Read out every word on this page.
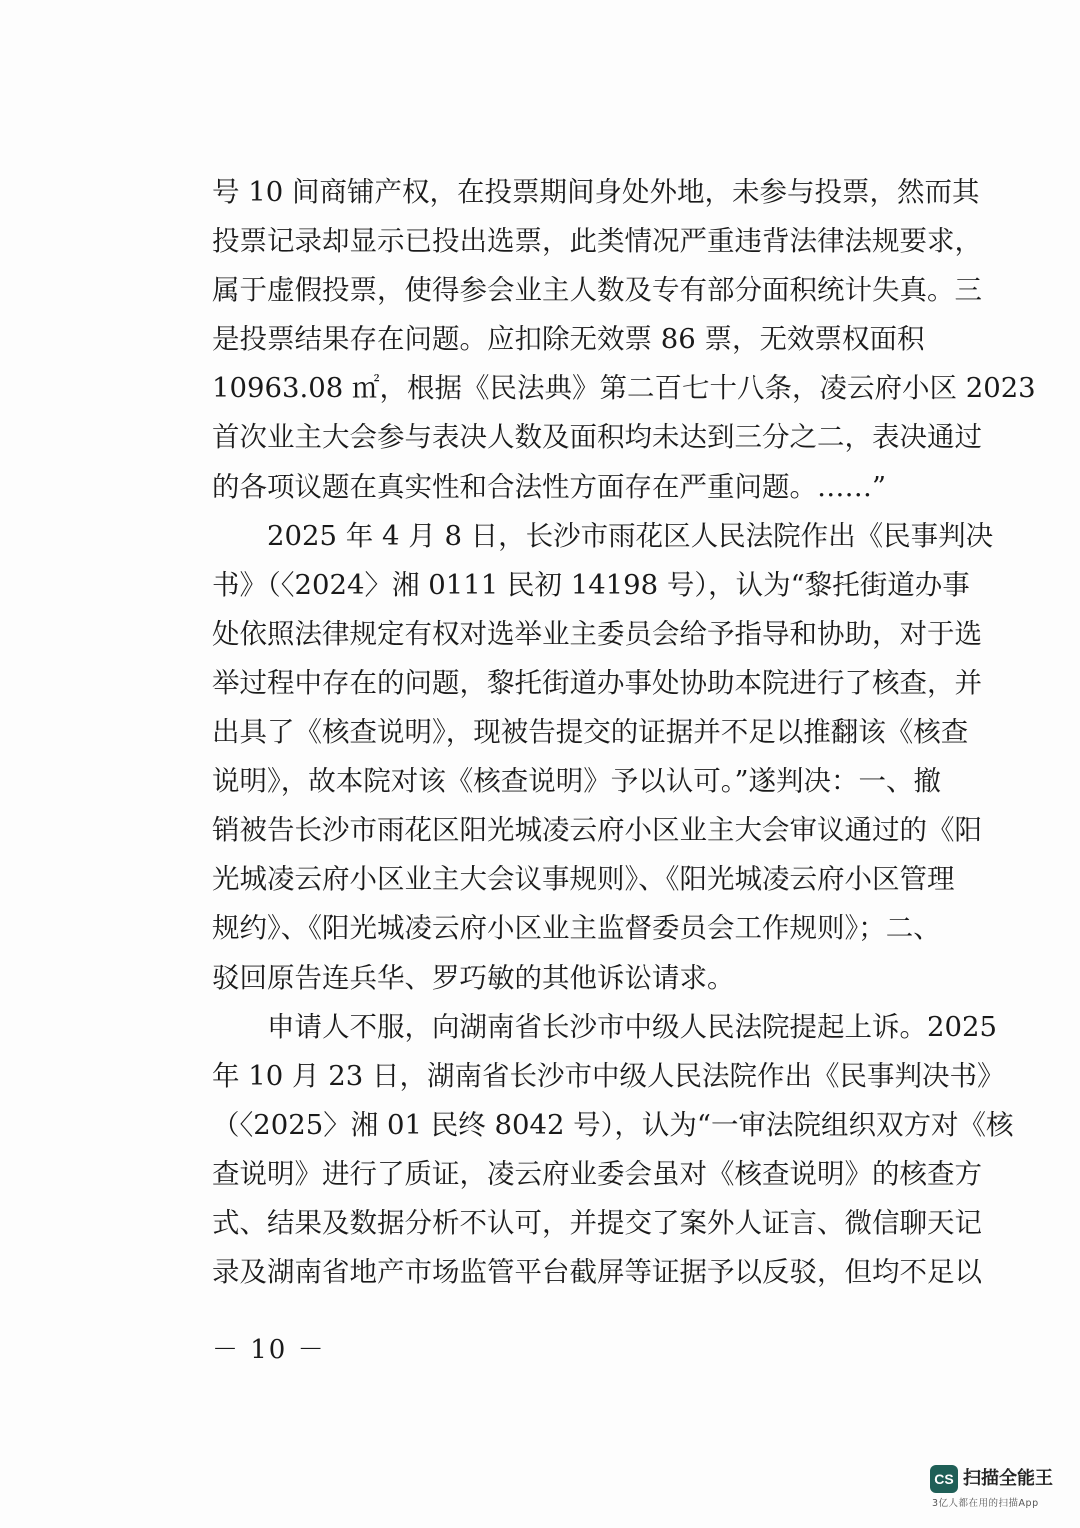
号 10 间商铺产权，在投票期间身处外地，未参与投票，然而其
投票记录却显示已投出选票，此类情况严重违背法律法规要求，
属于虚假投票，使得参会业主人数及专有部分面积统计失真。三
是投票结果存在问题。应扣除无效票 86 票，无效票权面积
10963.08 ㎡，根据《民法典》第二百七十八条，凌云府小区 2023
首次业主大会参与表决人数及面积均未达到三分之二，表决通过
的各项议题在真实性和合法性方面存在严重问题。……”
　　2025 年 4 月 8 日，长沙市雨花区人民法院作出《民事判决
书》（〈2024〉湘 0111 民初 14198 号），认为“黎托街道办事
处依照法律规定有权对选举业主委员会给予指导和协助，对于选
举过程中存在的问题，黎托街道办事处协助本院进行了核查，并
出具了《核查说明》，现被告提交的证据并不足以推翻该《核查
说明》，故本院对该《核查说明》予以认可。”遂判决：一、撤
销被告长沙市雨花区阳光城凌云府小区业主大会审议通过的《阳
光城凌云府小区业主大会议事规则》、《阳光城凌云府小区管理
规约》、《阳光城凌云府小区业主监督委员会工作规则》；二、
驳回原告连兵华、罗巧敏的其他诉讼请求。
　　申请人不服，向湖南省长沙市中级人民法院提起上诉。2025
年 10 月 23 日，湖南省长沙市中级人民法院作出《民事判决书》
（〈2025〉湘 01 民终 8042 号），认为“一审法院组织双方对《核
查说明》进行了质证，凌云府业委会虽对《核查说明》的核查方
式、结果及数据分析不认可，并提交了案外人证言、微信聊天记
录及湖南省地产市场监管平台截屏等证据予以反驳，但均不足以
－ 10 －
CS 扫描全能王
3亿人都在用的扫描App
